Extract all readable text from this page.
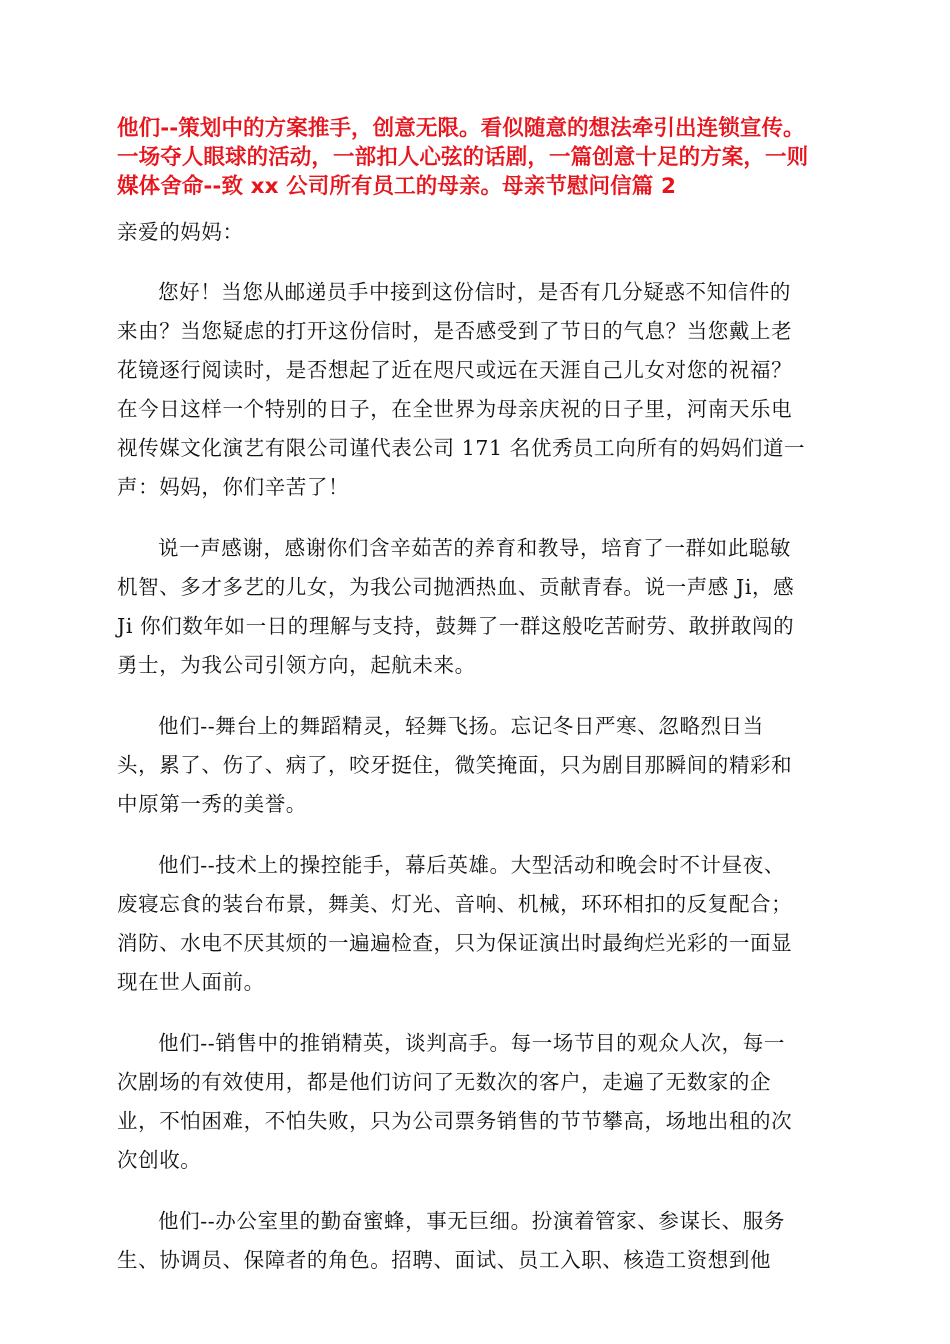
他们--策划中的方案推手，创意无限。看似随意的想法牵引出连锁宣传。
一场夺人眼球的活动，一部扣人心弦的话剧，一篇创意十足的方案，一则
媒体舍命--致 xx 公司所有员工的母亲。母亲节慰问信篇 2

亲爱的妈妈：

您好！当您从邮递员手中接到这份信时，是否有几分疑惑不知信件的
来由？当您疑虑的打开这份信时，是否感受到了节日的气息？当您戴上老
花镜逐行阅读时，是否想起了近在咫尺或远在天涯自己儿女对您的祝福？
在今日这样一个特别的日子，在全世界为母亲庆祝的日子里，河南天乐电
视传媒文化演艺有限公司谨代表公司 171 名优秀员工向所有的妈妈们道一
声：妈妈，你们辛苦了！

说一声感谢，感谢你们含辛茹苦的养育和教导，培育了一群如此聪敏
机智、多才多艺的儿女，为我公司抛洒热血、贡献青春。说一声感 Ji，感
Ji 你们数年如一日的理解与支持，鼓舞了一群这般吃苦耐劳、敢拼敢闯的
勇士，为我公司引领方向，起航未来。

他们--舞台上的舞蹈精灵，轻舞飞扬。忘记冬日严寒、忽略烈日当
头，累了、伤了、病了，咬牙挺住，微笑掩面，只为剧目那瞬间的精彩和
中原第一秀的美誉。

他们--技术上的操控能手，幕后英雄。大型活动和晚会时不计昼夜、
废寝忘食的装台布景，舞美、灯光、音响、机械，环环相扣的反复配合；
消防、水电不厌其烦的一遍遍检查，只为保证演出时最绚烂光彩的一面显
现在世人面前。

他们--销售中的推销精英，谈判高手。每一场节目的观众人次，每一
次剧场的有效使用，都是他们访问了无数次的客户，走遍了无数家的企
业，不怕困难，不怕失败，只为公司票务销售的节节攀高，场地出租的次
次创收。

他们--办公室里的勤奋蜜蜂，事无巨细。扮演着管家、参谋长、服务
生、协调员、保障者的角色。招聘、面试、员工入职、核造工资想到他
